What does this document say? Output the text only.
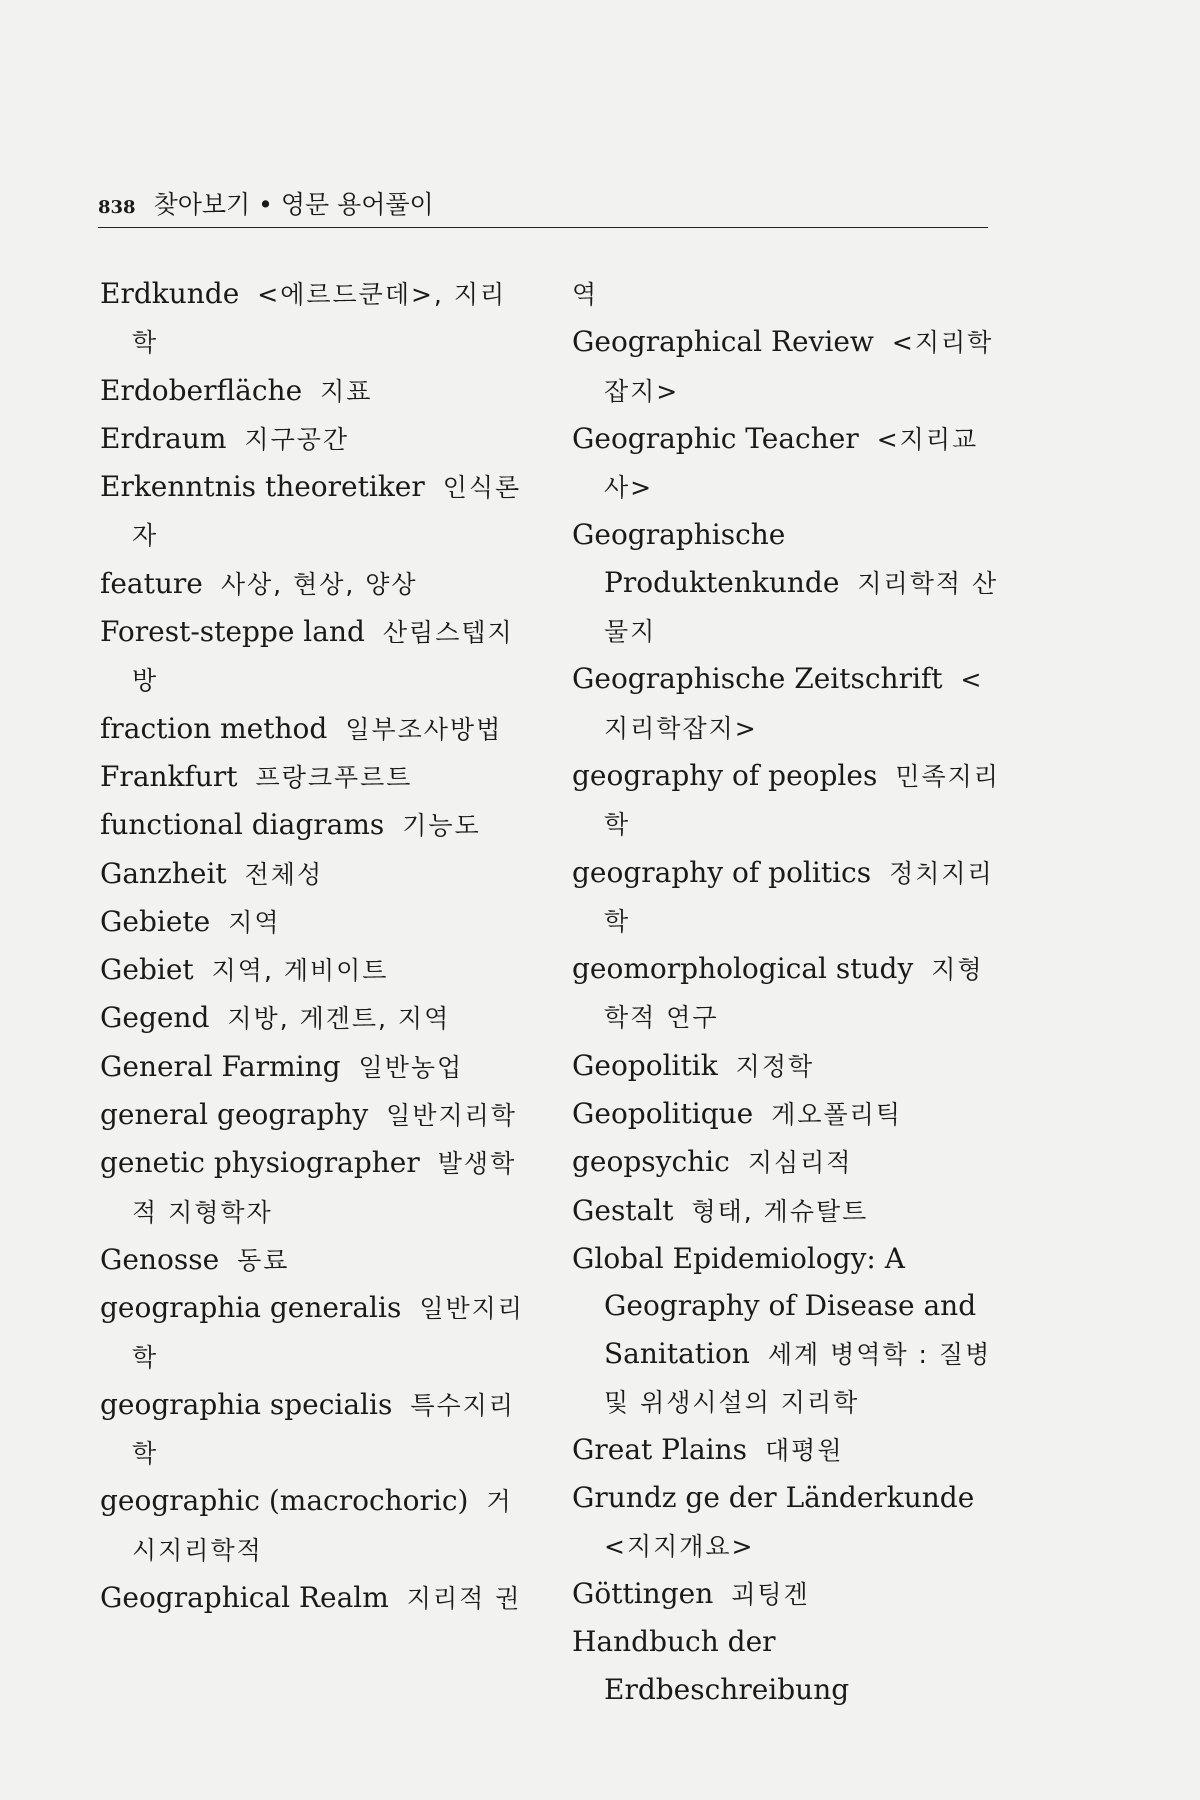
838 찾아보기 • 영문 용어풀이

Erdkunde <에르드쿤데>, 지리학

Erdoberfläche 지표

Erdraum 지구공간

Erkenntnis theoretiker 인식론자

feature 사상, 현상, 양상

Forest-steppe land 산림스텝지방

fraction method 일부조사방법

Frankfurt 프랑크푸르트

functional diagrams 기능도

Ganzheit 전체성

Gebiete 지역

Gebiet 지역, 게비이트

Gegend 지방, 게겐트, 지역

General Farming 일반농업

general geography 일반지리학

genetic physiographer 발생학적 지형학자

Genosse 동료

geographia generalis 일반지리학

geographia specialis 특수지리학

geographic (macrochoric) 거시지리학적

Geographical Realm 지리적 권

역

Geographical Review <지리학잡지>

Geographic Teacher <지리교사>

Geographische Produktenkunde 지리학적 산물지

Geographische Zeitschrift <지리학잡지>

geography of peoples 민족지리학

geography of politics 정치지리학

geomorphological study 지형학적 연구

Geopolitik 지정학

Geopolitique 게오폴리틱

geopsychic 지심리적

Gestalt 형태, 게슈탈트

Global Epidemiology: A Geography of Disease and Sanitation 세계 병역학 : 질병 및 위생시설의 지리학

Great Plains 대평원

Grundz ge der Länderkunde<지지개요>

Göttingen 괴팅겐

Handbuch der Erdbeschreibung
